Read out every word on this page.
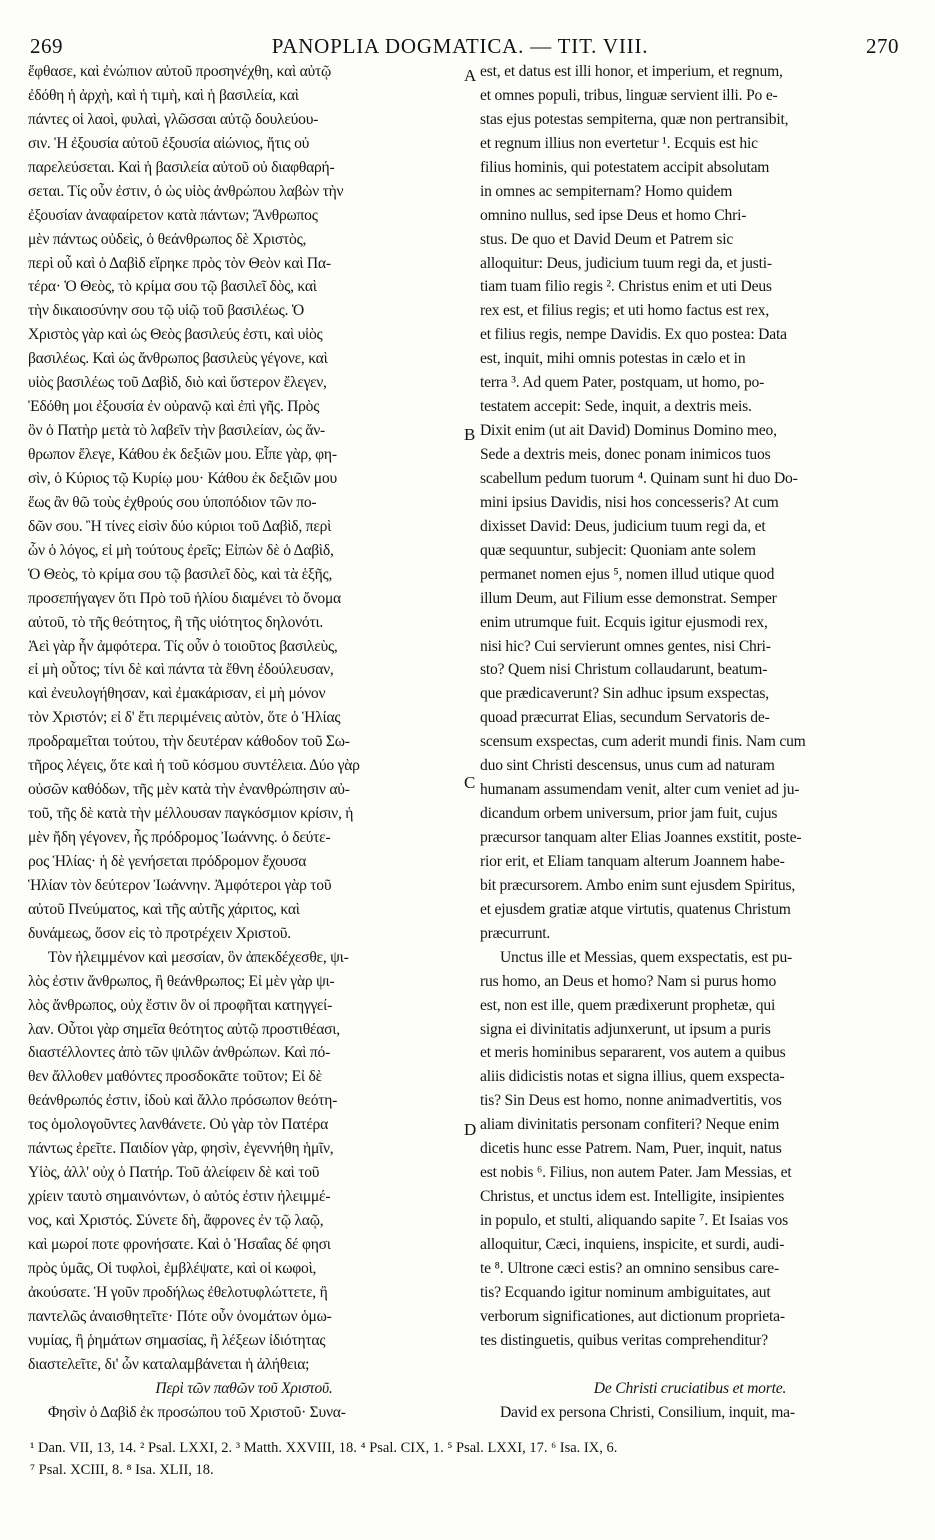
269	PANOPLIA DOGMATICA. — TIT. VIII.	270
ἔφθασε, καὶ ἐνώπιον αὐτοῦ προσηνέχθη, καὶ αὐτῷ
ἐδόθη ἡ ἀρχὴ, καὶ ἡ τιμὴ, καὶ ἡ βασιλεία, καὶ
πάντες οἱ λαοὶ, φυλαὶ, γλῶσσαι αὐτῷ δουλεύου-
σιν. Ἡ ἐξουσία αὐτοῦ ἐξουσία αἰώνιος, ἥτις οὐ
παρελεύσεται. Καὶ ἡ βασιλεία αὐτοῦ οὐ διαφθαρή-
σεται. Τίς οὖν ἐστιν, ὁ ὡς υἱὸς ἀνθρώπου λαβὼν τὴν
ἐξουσίαν ἀναφαίρετον κατὰ πάντων; Ἄνθρωπος
μὲν πάντως οὐδεὶς, ὁ θεάνθρωπος δὲ Χριστὸς,
περὶ οὗ καὶ ὁ Δαβὶδ εἴρηκε πρὸς τὸν Θεὸν καὶ Πα-
τέρα· Ὁ Θεὸς, τὸ κρίμα σου τῷ βασιλεῖ δὸς, καὶ
τὴν δικαιοσύνην σου τῷ υἱῷ τοῦ βασιλέως. Ὁ
Χριστὸς γὰρ καὶ ὡς Θεὸς βασιλεύς ἐστι, καὶ υἱὸς
βασιλέως. Καὶ ὡς ἄνθρωπος βασιλεὺς γέγονε, καὶ
υἱὸς βασιλέως τοῦ Δαβὶδ, διὸ καὶ ὕστερον ἔλεγεν,
Ἐδόθη μοι ἐξουσία ἐν οὐρανῷ καὶ ἐπὶ γῆς. Πρὸς
ὃν ὁ Πατὴρ μετὰ τὸ λαβεῖν τὴν βασιλείαν, ὡς ἄν-
θρωπον ἔλεγε, Κάθου ἐκ δεξιῶν μου. Εἶπε γὰρ, φη-
σὶν, ὁ Κύριος τῷ Κυρίῳ μου· Κάθου ἐκ δεξιῶν μου
ἕως ἂν θῶ τοὺς ἐχθρούς σου ὑποπόδιον τῶν πο-
δῶν σου. Ἢ τίνες εἰσὶν δύο κύριοι τοῦ Δαβὶδ, περὶ
ὧν ὁ λόγος, εἰ μὴ τούτους ἐρεῖς; Εἰπὼν δὲ ὁ Δαβὶδ,
Ὁ Θεὸς, τὸ κρίμα σου τῷ βασιλεῖ δὸς, καὶ τὰ ἑξῆς,
προσεπήγαγεν ὅτι Πρὸ τοῦ ἡλίου διαμένει τὸ ὄνομα
αὐτοῦ, τὸ τῆς θεότητος, ἢ τῆς υἱότητος δηλονότι.
Ἀεὶ γὰρ ἦν ἀμφότερα. Τίς οὖν ὁ τοιοῦτος βασιλεὺς,
εἰ μὴ οὗτος; τίνι δὲ καὶ πάντα τὰ ἔθνη ἐδούλευσαν,
καὶ ἐνευλογήθησαν, καὶ ἐμακάρισαν, εἰ μὴ μόνον
τὸν Χριστόν; εἰ δ' ἔτι περιμένεις αὐτὸν, ὅτε ὁ Ἡλίας
προδραμεῖται τούτου, τὴν δευτέραν κάθοδον τοῦ Σω-
τῆρος λέγεις, ὅτε καὶ ἡ τοῦ κόσμου συντέλεια. Δύο γὰρ
οὐσῶν καθόδων, τῆς μὲν κατὰ τὴν ἐνανθρώπησιν αὐ-
τοῦ, τῆς δὲ κατὰ τὴν μέλλουσαν παγκόσμιον κρίσιν, ἡ
μὲν ἤδη γέγονεν, ἧς πρόδρομος Ἰωάννης. ὁ δεύτε-
ρος Ἡλίας· ἡ δὲ γενήσεται πρόδρομον ἔχουσα
Ἡλίαν τὸν δεύτερον Ἰωάννην. Ἀμφότεροι γὰρ τοῦ
αὐτοῦ Πνεύματος, καὶ τῆς αὐτῆς χάριτος, καὶ
δυνάμεως, ὅσον εἰς τὸ προτρέχειν Χριστοῦ.
Τὸν ἠλειμμένον καὶ μεσσίαν, ὃν ἀπεκδέχεσθε, ψι-
λὸς ἐστιν ἄνθρωπος, ἢ θεάνθρωπος; Εἰ μὲν γὰρ ψι-
λὸς ἄνθρωπος, οὐχ ἔστιν ὃν οἱ προφῆται κατηγγεί-
λαν. Οὗτοι γὰρ σημεῖα θεότητος αὐτῷ προστιθέασι,
διαστέλλοντες ἀπὸ τῶν ψιλῶν ἀνθρώπων. Καὶ πό-
θεν ἄλλοθεν μαθόντες προσδοκᾶτε τοῦτον; Εἰ δὲ
θεάνθρωπός ἐστιν, ἰδοὺ καὶ ἄλλο πρόσωπον θεότη-
τος ὁμολογοῦντες λανθάνετε. Οὐ γὰρ τὸν Πατέρα
πάντως ἐρεῖτε. Παιδίον γὰρ, φησὶν, ἐγεννήθη ἡμῖν,
Υἱὸς, ἀλλ' οὐχ ὁ Πατήρ. Τοῦ ἀλείφειν δὲ καὶ τοῦ
χρίειν ταυτὸ σημαινόντων, ὁ αὐτός ἐστιν ἠλειμμέ-
νος, καὶ Χριστός. Σύνετε δὴ, ἄφρονες ἐν τῷ λαῷ,
καὶ μωροί ποτε φρονήσατε. Καὶ ὁ Ἡσαΐας δέ φησι
πρὸς ὑμᾶς, Οἱ τυφλοὶ, ἐμβλέψατε, καὶ οἱ κωφοὶ,
ἀκούσατε. Ἡ γοῦν προδήλως ἐθελοτυφλώττετε, ἢ
παντελῶς ἀναισθητεῖτε· Πότε οὖν ὀνομάτων ὁμω-
νυμίας, ἢ ῥημάτων σημασίας, ἢ λέξεων ἰδιότητας
διαστελεῖτε, δι' ὧν καταλαμβάνεται ἡ ἀλήθεια;
Περὶ τῶν παθῶν τοῦ Χριστοῦ.
Φησὶν ὁ Δαβὶδ ἐκ προσώπου τοῦ Χριστοῦ· Συνα-
est, et datus est illi honor, et imperium, et regnum,
et omnes populi, tribus, linguæ servient illi. Po e-
stas ejus potestas sempiterna, quæ non pertransibit,
et regnum illius non evertetur ¹. Ecquis est hic
filius hominis, qui potestatem accipit absolutam
in omnes ac sempiternam? Homo quidem
omnino nullus, sed ipse Deus et homo Chri-
stus. De quo et David Deum et Patrem sic
alloquitur: Deus, judicium tuum regi da, et justi-
tiam tuam filio regis ². Christus enim et uti Deus
rex est, et filius regis; et uti homo factus est rex,
et filius regis, nempe Davidis. Ex quo postea: Data
est, inquit, mihi omnis potestas in cælo et in
terra ³. Ad quem Pater, postquam, ut homo, po-
testatem accepit: Sede, inquit, a dextris meis.
Dixit enim (ut ait David) Dominus Domino meo,
Sede a dextris meis, donec ponam inimicos tuos
scabellum pedum tuorum ⁴. Quinam sunt hi duo Do-
mini ipsius Davidis, nisi hos concesseris? At cum
dixisset David: Deus, judicium tuum regi da, et
quæ sequuntur, subjecit: Quoniam ante solem
permanet nomen ejus ⁵, nomen illud utique quod
illum Deum, aut Filium esse demonstrat. Semper
enim utrumque fuit. Ecquis igitur ejusmodi rex,
nisi hic? Cui servierunt omnes gentes, nisi Chri-
sto? Quem nisi Christum collaudarunt, beatum-
que prædicaverunt? Sin adhuc ipsum exspectas,
quoad præcurrat Elias, secundum Servatoris de-
scensum exspectas, cum aderit mundi finis. Nam cum
duo sint Christi descensus, unus cum ad naturam
humanam assumendam venit, alter cum veniet ad ju-
dicandum orbem universum, prior jam fuit, cujus
præcursor tanquam alter Elias Joannes exstitit, poste-
rior erit, et Eliam tanquam alterum Joannem habe-
bit præcursorem. Ambo enim sunt ejusdem Spiritus,
et ejusdem gratiæ atque virtutis, quatenus Christum
præcurrunt.
Unctus ille et Messias, quem exspectatis, est pu-
rus homo, an Deus et homo? Nam si purus homo
est, non est ille, quem prædixerunt prophetæ, qui
signa ei divinitatis adjunxerunt, ut ipsum a puris
et meris hominibus separarent, vos autem a quibus
aliis didicistis notas et signa illius, quem exspecta-
tis? Sin Deus est homo, nonne animadvertitis, vos
aliam divinitatis personam confiteri? Neque enim
dicetis hunc esse Patrem. Nam, Puer, inquit, natus
est nobis ⁶. Filius, non autem Pater. Jam Messias, et
Christus, et unctus idem est. Intelligite, insipientes
in populo, et stulti, aliquando sapite ⁷. Et Isaias vos
alloquitur, Cæci, inquiens, inspicite, et surdi, audi-
te ⁸. Ultrone cæci estis? an omnino sensibus care-
tis? Ecquando igitur nominum ambiguitates, aut
verborum significationes, aut dictionum proprieta-
tes distinguetis, quibus veritas comprehenditur?
De Christi cruciatibus et morte.
David ex persona Christi, Consilium, inquit, ma-
A
B
C
D
¹ Dan. VII, 13, 14. ² Psal. LXXI, 2. ³ Matth. XXVIII, 18. ⁴ Psal. CIX, 1. ⁵ Psal. LXXI, 17. ⁶ Isa. IX, 6.
⁷ Psal. XCIII, 8. ⁸ Isa. XLII, 18.
